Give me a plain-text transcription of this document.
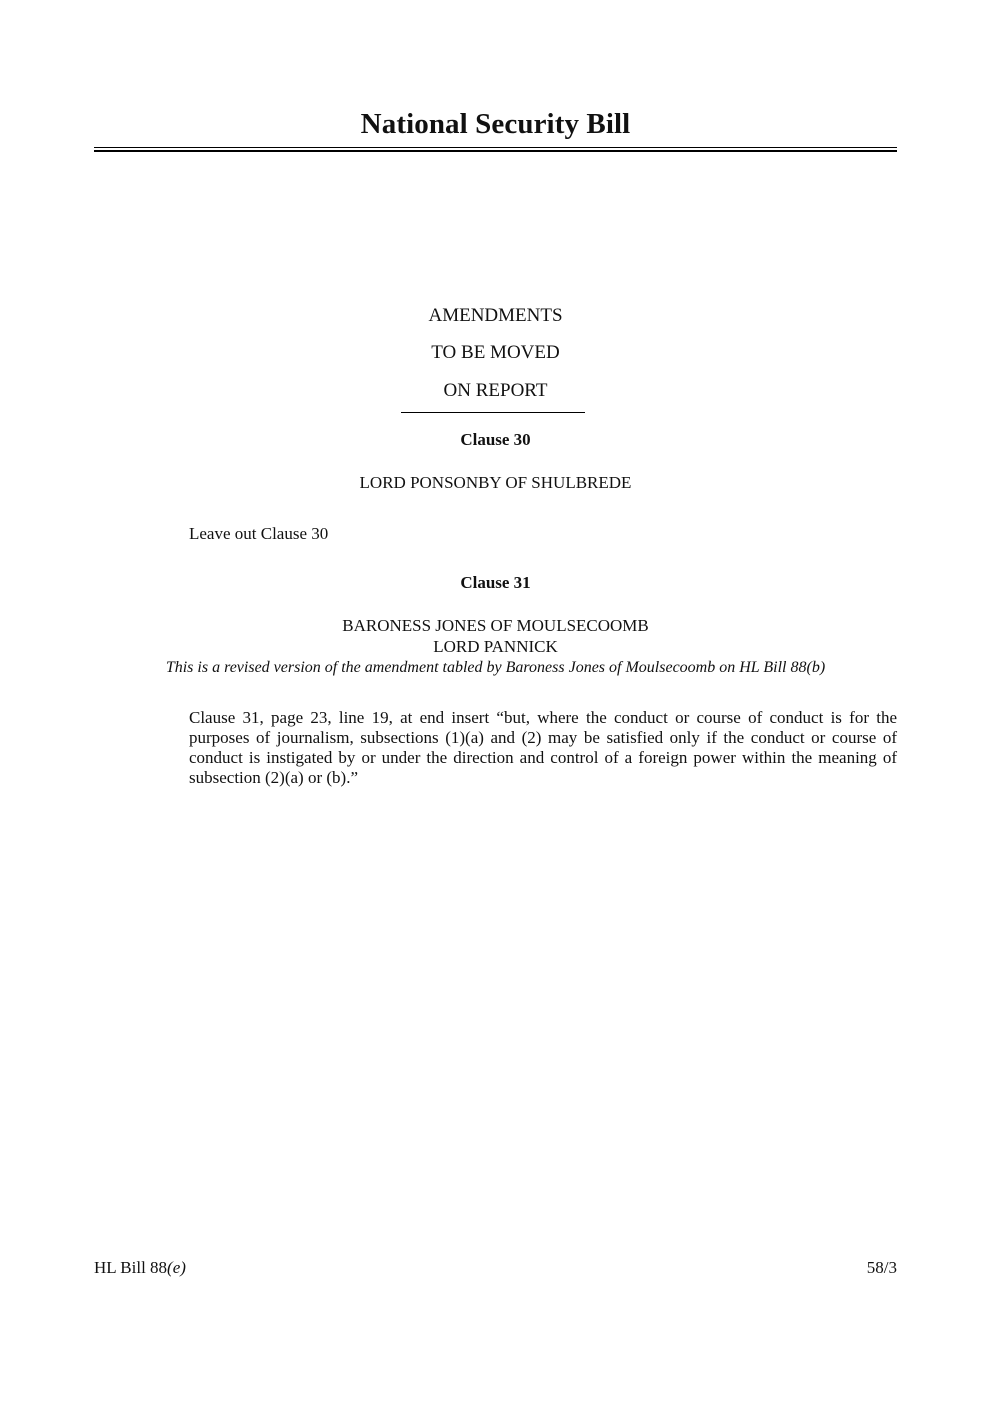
National Security Bill
AMENDMENTS
TO BE MOVED
ON REPORT
Clause 30
LORD PONSONBY OF SHULBREDE
Leave out Clause 30
Clause 31
BARONESS JONES OF MOULSECOOMB
LORD PANNICK
This is a revised version of the amendment tabled by Baroness Jones of Moulsecoomb on HL Bill 88(b)
Clause 31, page 23, line 19, at end insert “but, where the conduct or course of conduct is for the purposes of journalism, subsections (1)(a) and (2) may be satisfied only if the conduct or course of conduct is instigated by or under the direction and control of a foreign power within the meaning of subsection (2)(a) or (b).”
HL Bill 88(e)	58/3
